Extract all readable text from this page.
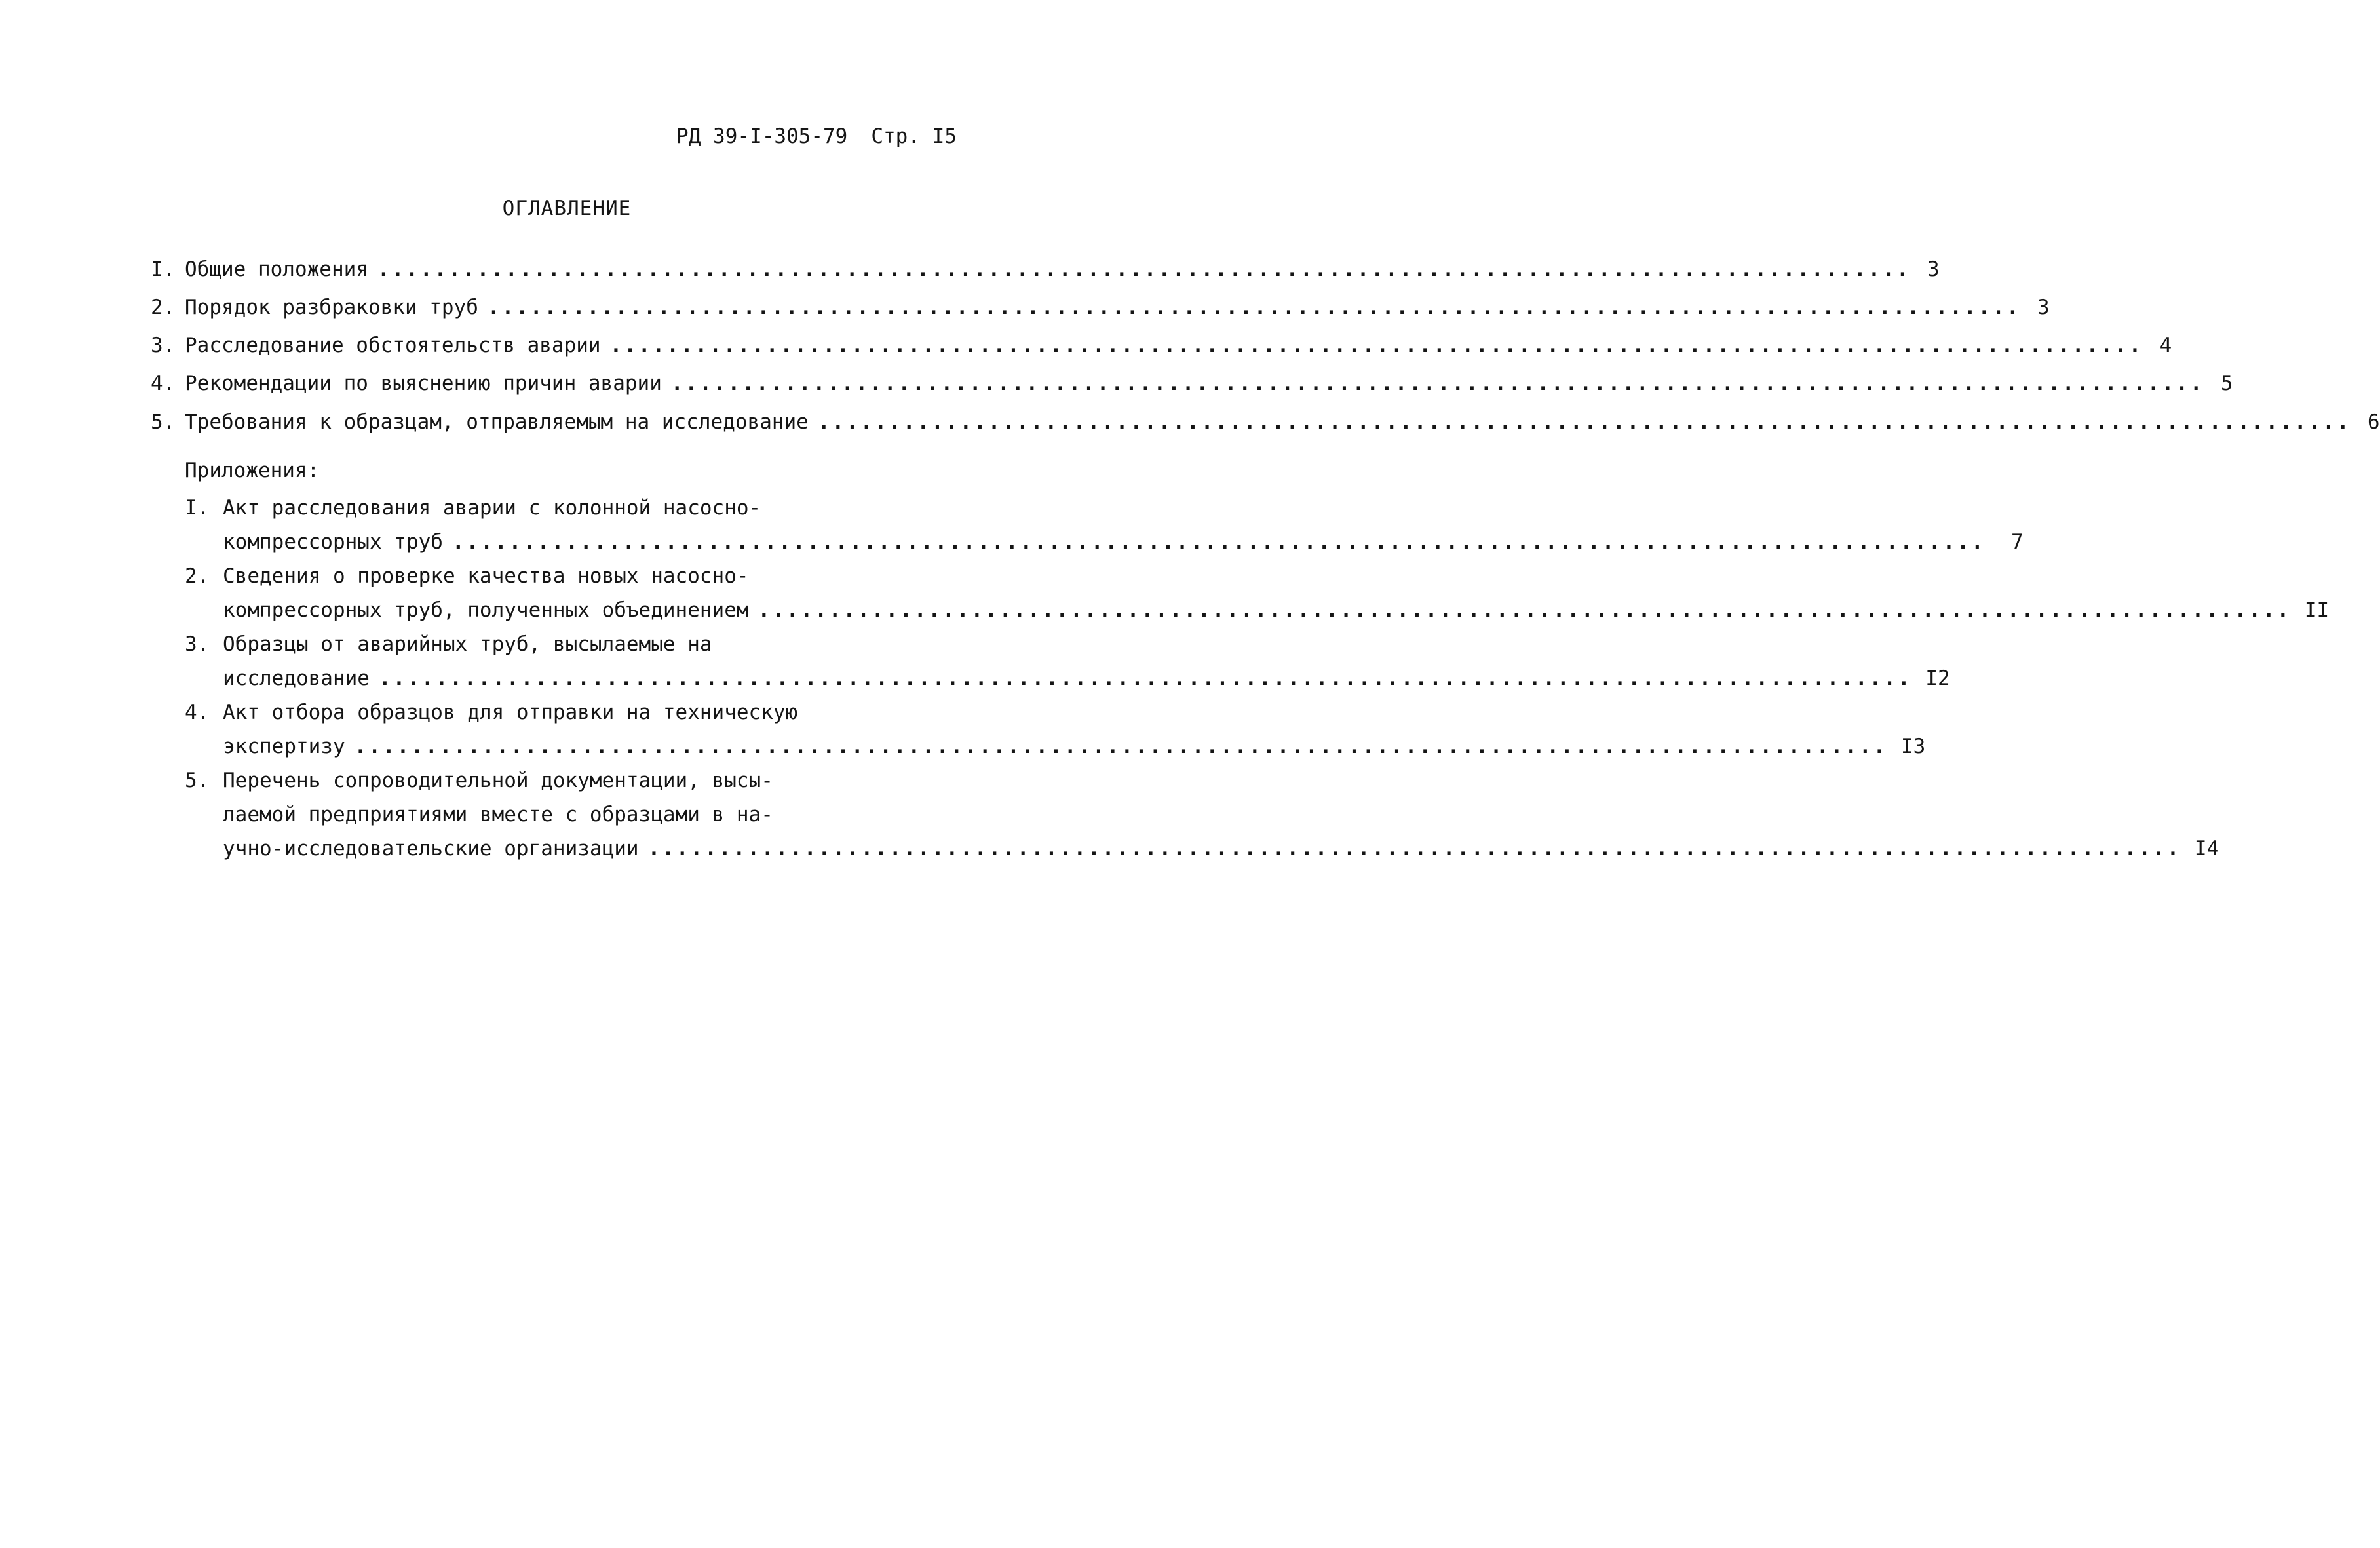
РД 39-I-305-79 Стр. I5
ОГЛАВЛЕНИЕ
I. Общие положения ............................................................................................................ 3
2. Порядок разбраковки труб ............................................................................................................ 3
3. Расследование обстоятельств аварии ............................................................................................................ 4
4. Рекомендации по выяснению причин аварии ............................................................................................................ 5
5. Требования к образцам, отправляемым на исследование ............................................................................................................ 6
Приложения:
I. Акт расследования аварии с колонной насосно-
компрессорных труб ............................................................................................................	7
2. Сведения о проверке качества новых насосно-
компрессорных труб, полученных объединением ............................................................................................................ II
3. Образцы от аварийных труб, высылаемые на
исследование ............................................................................................................ I2
4. Акт отбора образцов для отправки на техническую
экспертизу ............................................................................................................ I3
5. Перечень сопроводительной документации, высы-
лаемой предприятиями вместе с образцами в на-
учно-исследовательские организации ............................................................................................................ I4
